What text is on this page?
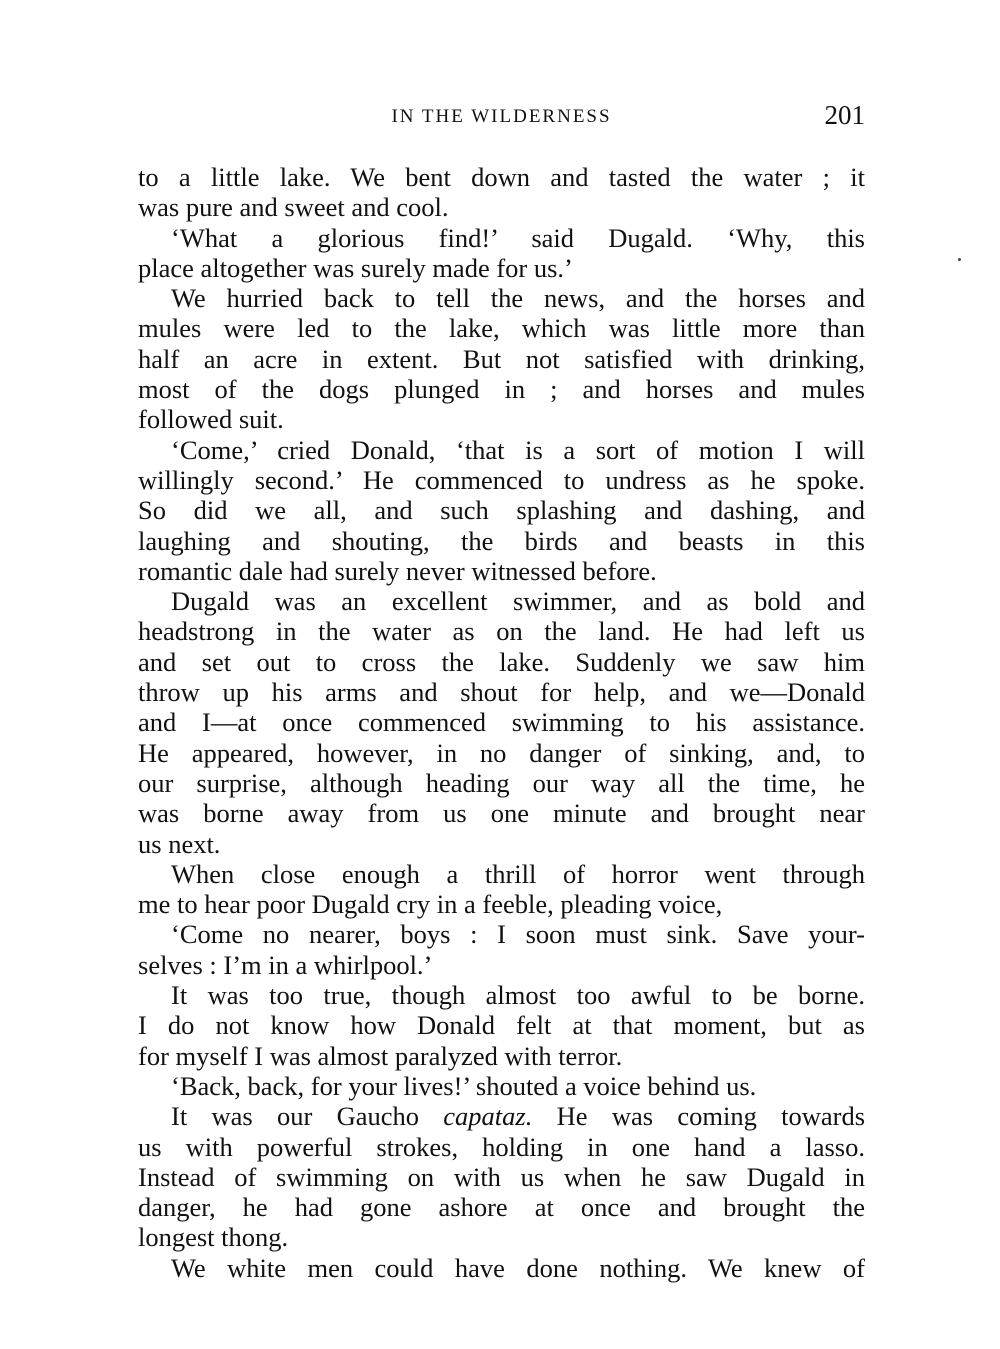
IN THE WILDERNESS	201
to a little lake. We bent down and tasted the water ; it
was pure and sweet and cool.
‘What a glorious find!’ said Dugald. ‘Why, this
place altogether was surely made for us.’
We hurried back to tell the news, and the horses and
mules were led to the lake, which was little more than
half an acre in extent. But not satisfied with drinking,
most of the dogs plunged in ; and horses and mules
followed suit.
‘Come,’ cried Donald, ‘that is a sort of motion I will
willingly second.’ He commenced to undress as he spoke.
So did we all, and such splashing and dashing, and
laughing and shouting, the birds and beasts in this
romantic dale had surely never witnessed before.
Dugald was an excellent swimmer, and as bold and
headstrong in the water as on the land. He had left us
and set out to cross the lake. Suddenly we saw him
throw up his arms and shout for help, and we—Donald
and I—at once commenced swimming to his assistance.
He appeared, however, in no danger of sinking, and, to
our surprise, although heading our way all the time, he
was borne away from us one minute and brought near
us next.
When close enough a thrill of horror went through
me to hear poor Dugald cry in a feeble, pleading voice,
‘Come no nearer, boys : I soon must sink. Save your-
selves : I’m in a whirlpool.’
It was too true, though almost too awful to be borne.
I do not know how Donald felt at that moment, but as
for myself I was almost paralyzed with terror.
‘Back, back, for your lives!’ shouted a voice behind us.
It was our Gaucho capataz. He was coming towards
us with powerful strokes, holding in one hand a lasso.
Instead of swimming on with us when he saw Dugald in
danger, he had gone ashore at once and brought the
longest thong.
We white men could have done nothing. We knew of
